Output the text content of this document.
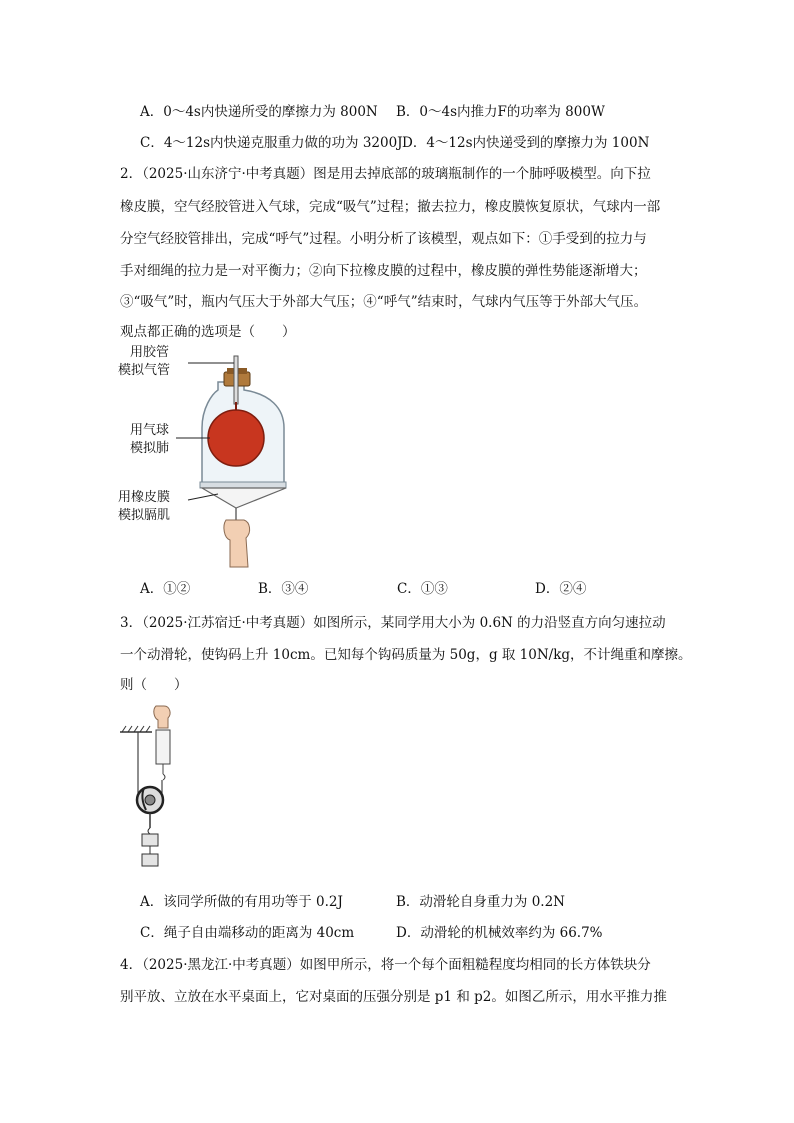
A．0～4s内快递所受的摩擦力为 800N B．0～4s内推力F的功率为 800W
C．4～12s内快递克服重力做的功为 3200J D．4～12s内快递受到的摩擦力为 100N
2．（2025·山东济宁·中考真题）图是用去掉底部的玻璃瓶制作的一个肺呼吸模型。向下拉
橡皮膜，空气经胶管进入气球，完成“吸气”过程；撤去拉力，橡皮膜恢复原状，气球内一部
分空气经胶管排出，完成“呼气”过程。小明分析了该模型，观点如下：①手受到的拉力与
手对细绳的拉力是一对平衡力；②向下拉橡皮膜的过程中，橡皮膜的弹性势能逐渐增大；
③“吸气”时，瓶内气压大于外部大气压；④“呼气”结束时，气球内气压等于外部大气压。
观点都正确的选项是（　　）
用胶管
模拟气管
用气球
模拟肺
用橡皮膜
模拟膈肌
A．①②	B．③④	C．①③	D．②④
3．（2025·江苏宿迁·中考真题）如图所示，某同学用大小为 0.6N 的力沿竖直方向匀速拉动
一个动滑轮，使钩码上升 10cm。已知每个钩码质量为 50g，g 取 10N/kg，不计绳重和摩擦。
则（　　）
A．该同学所做的有用功等于 0.2J	B．动滑轮自身重力为 0.2N
C．绳子自由端移动的距离为 40cm	D．动滑轮的机械效率约为 66.7%
4．（2025·黑龙江·中考真题）如图甲所示，将一个每个面粗糙程度均相同的长方体铁块分
别平放、立放在水平桌面上，它对桌面的压强分别是 p1 和 p2。如图乙所示，用水平推力推
